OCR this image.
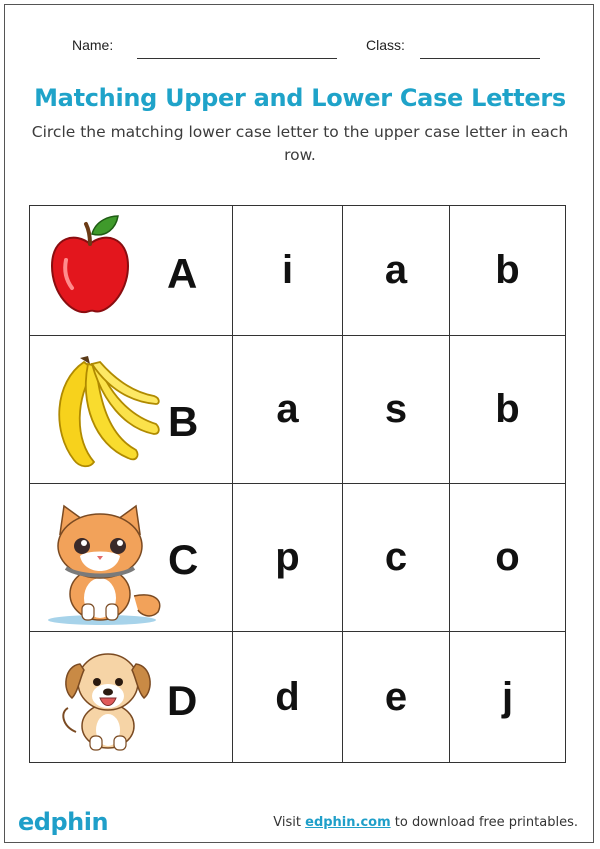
Name:	Class:
Matching Upper and Lower Case Letters
Circle the matching lower case letter to the upper case letter in each row.
A	i	a	b

B	a	s	b

C	p	c	o

D	d	e	j
edphin	Visit edphin.com to download free printables.
